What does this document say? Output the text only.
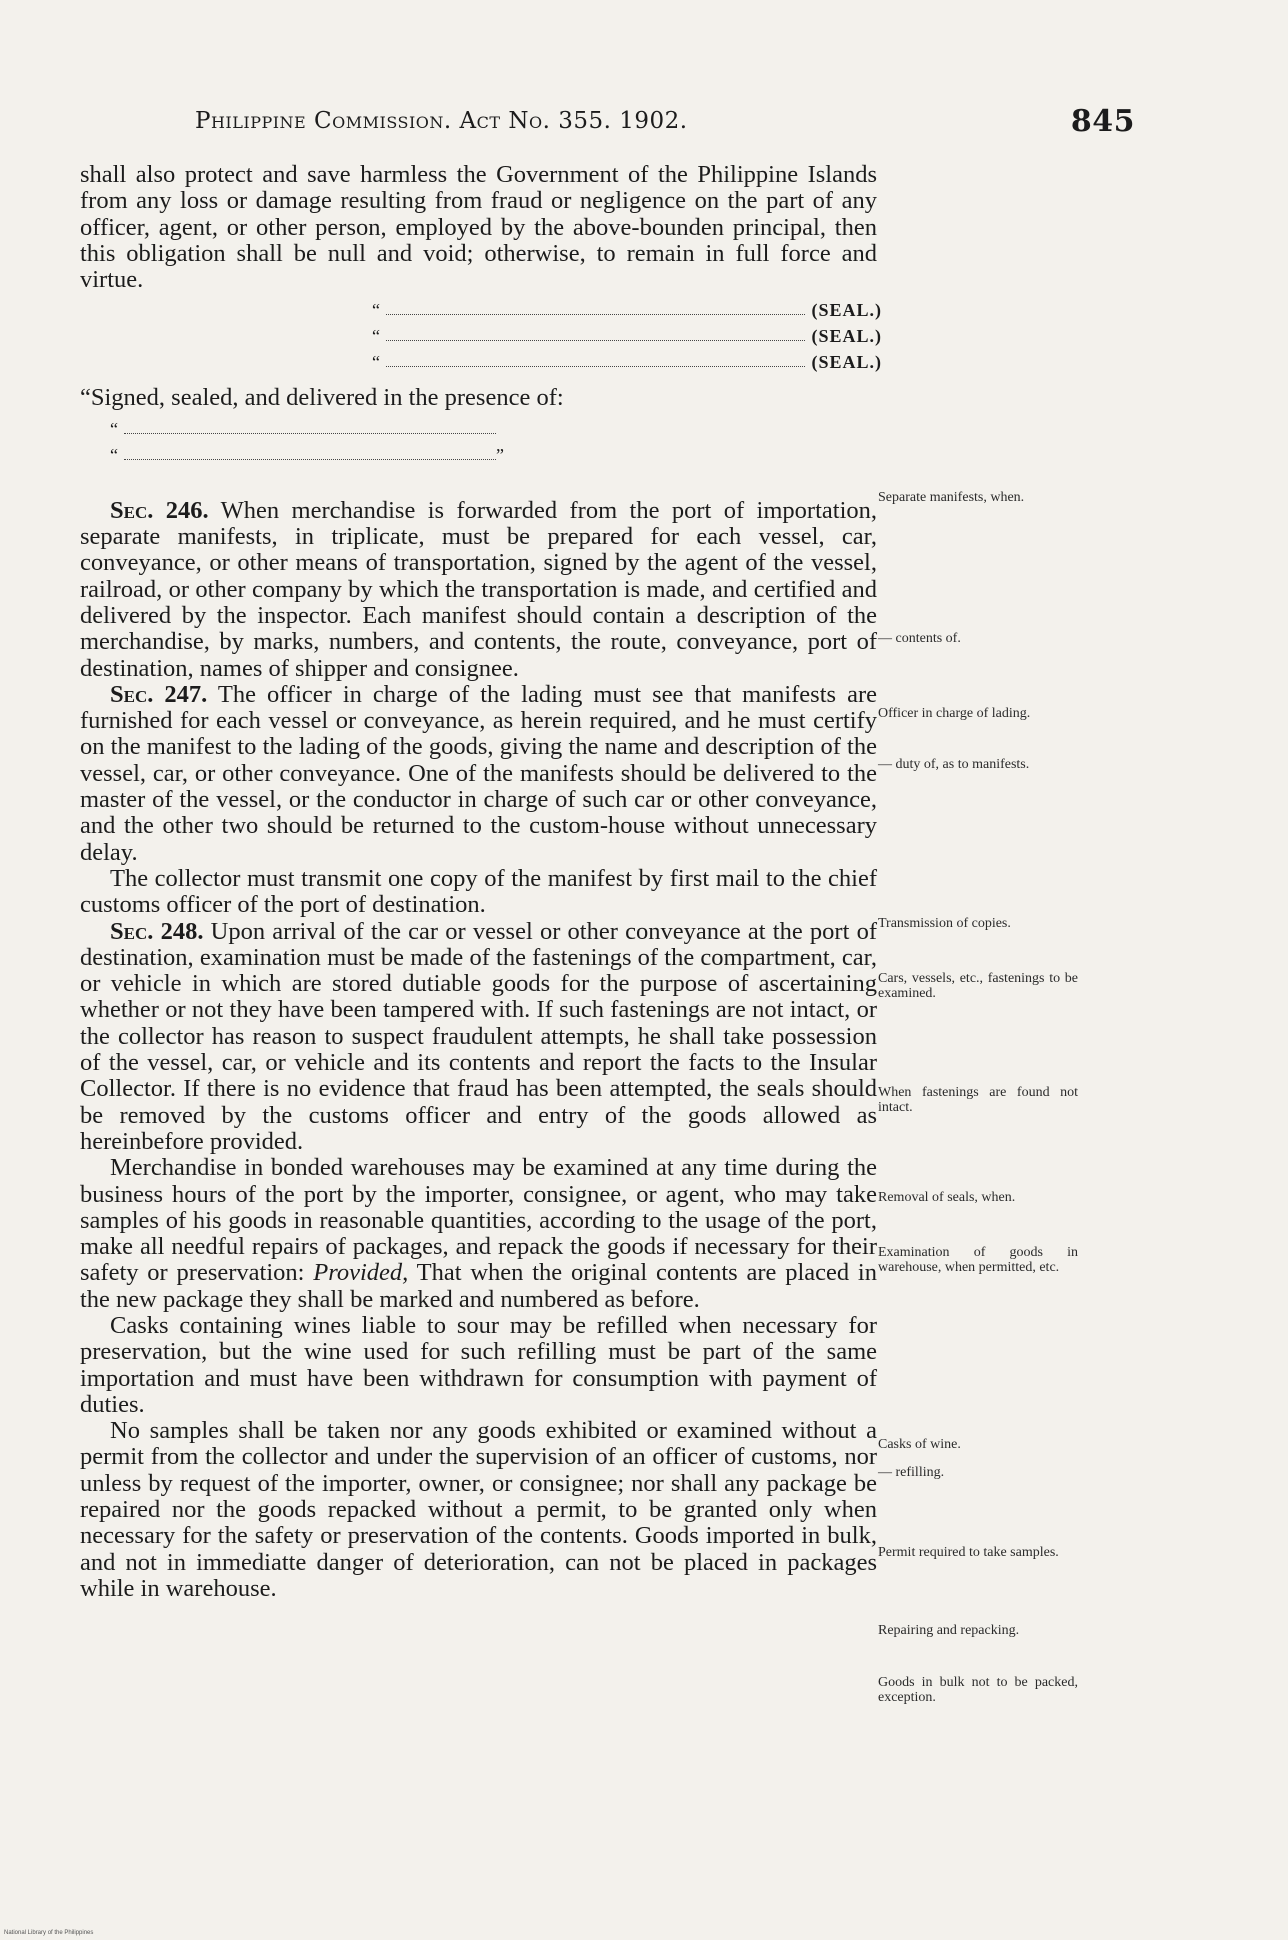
Philippine Commission. Act No. 355. 1902.	845

shall also protect and save harmless the Government of the Philippine Islands from any loss or damage resulting from fraud or negligence on the part of any officer, agent, or other person, employed by the above-bounden principal, then this obligation shall be null and void; otherwise, to remain in full force and virtue.

“	(SEAL.)
“	(SEAL.)
“	(SEAL.)

“Signed, sealed, and delivered in the presence of:

“
“	”

Sec. 246. When merchandise is forwarded from the port of importation, separate manifests, in triplicate, must be prepared for each vessel, car, conveyance, or other means of transportation, signed by the agent of the vessel, railroad, or other company by which the transportation is made, and certified and delivered by the inspector. Each manifest should contain a description of the merchandise, by marks, numbers, and contents, the route, conveyance, port of destination, names of shipper and consignee.

Sec. 247. The officer in charge of the lading must see that manifests are furnished for each vessel or conveyance, as herein required, and he must certify on the manifest to the lading of the goods, giving the name and description of the vessel, car, or other conveyance. One of the manifests should be delivered to the master of the vessel, or the conductor in charge of such car or other conveyance, and the other two should be returned to the custom-house without unnecessary delay.

The collector must transmit one copy of the manifest by first mail to the chief customs officer of the port of destination.

Sec. 248. Upon arrival of the car or vessel or other conveyance at the port of destination, examination must be made of the fastenings of the compartment, car, or vehicle in which are stored dutiable goods for the purpose of ascertaining whether or not they have been tampered with. If such fastenings are not intact, or the collector has reason to suspect fraudulent attempts, he shall take possession of the vessel, car, or vehicle and its contents and report the facts to the Insular Collector. If there is no evidence that fraud has been attempted, the seals should be removed by the customs officer and entry of the goods allowed as hereinbefore provided.

Merchandise in bonded warehouses may be examined at any time during the business hours of the port by the importer, consignee, or agent, who may take samples of his goods in reasonable quantities, according to the usage of the port, make all needful repairs of packages, and repack the goods if necessary for their safety or preservation: Provided, That when the original contents are placed in the new package they shall be marked and numbered as before.

Casks containing wines liable to sour may be refilled when necessary for preservation, but the wine used for such refilling must be part of the same importation and must have been withdrawn for consumption with payment of duties.

No samples shall be taken nor any goods exhibited or examined without a permit from the collector and under the supervision of an officer of customs, nor unless by request of the importer, owner, or consignee; nor shall any package be repaired nor the goods repacked without a permit, to be granted only when necessary for the safety or preservation of the contents. Goods imported in bulk, and not in immediatte danger of deterioration, can not be placed in packages while in warehouse.

Separate manifests, when.
— contents of.
Officer in charge of lading.
— duty of, as to manifests.
Transmission of copies.
Cars, vessels, etc., fastenings to be examined.
When fastenings are found not intact.
Removal of seals, when.
Examination of goods in warehouse, when permitted, etc.
Casks of wine.
— refilling.
Permit required to take samples.
Repairing and repacking.
Goods in bulk not to be packed, exception.
National Library of the Philippines
